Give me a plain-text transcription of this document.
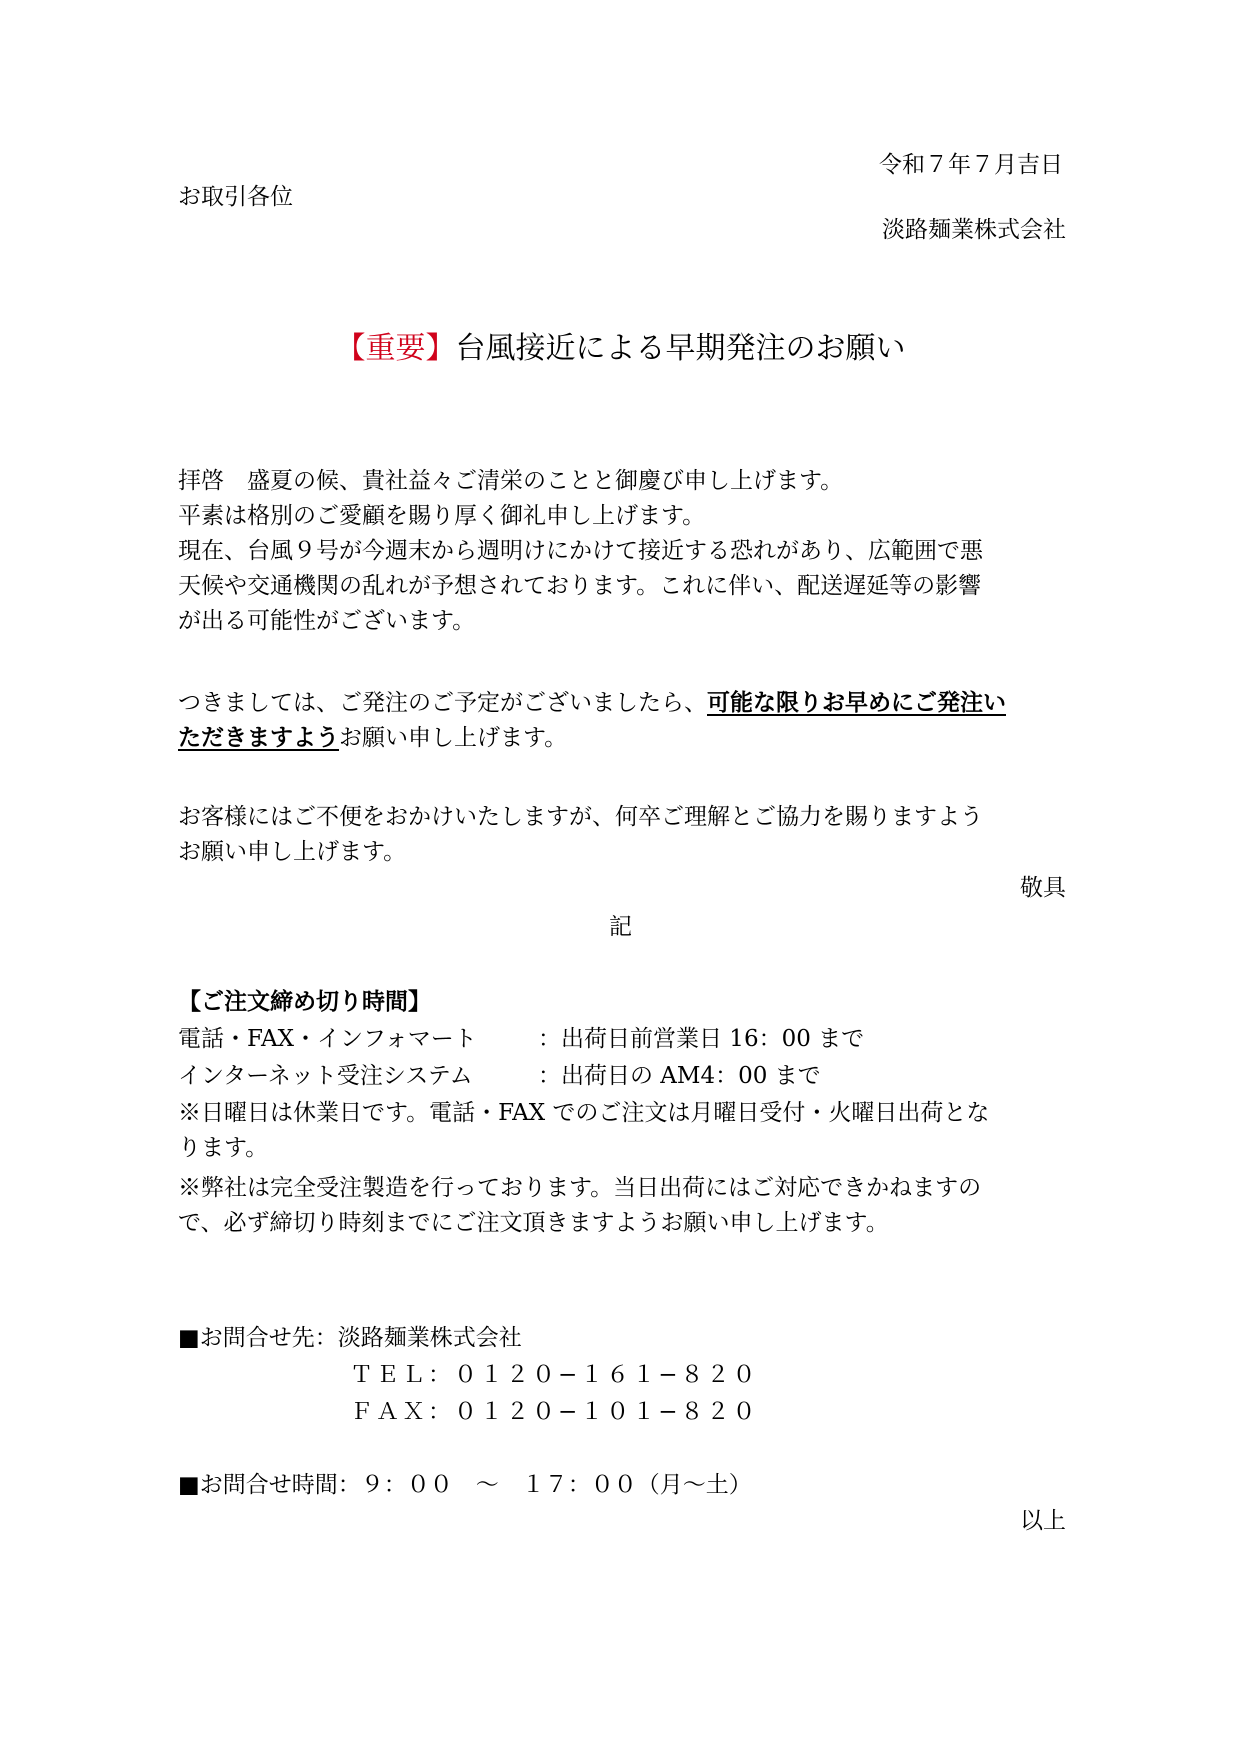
令和７年７月吉日
お取引各位
淡路麺業株式会社
【重要】台風接近による早期発注のお願い
拝啓　盛夏の候、貴社益々ご清栄のことと御慶び申し上げます。
平素は格別のご愛顧を賜り厚く御礼申し上げます。
現在、台風９号が今週末から週明けにかけて接近する恐れがあり、広範囲で悪
天候や交通機関の乱れが予想されております。これに伴い、配送遅延等の影響
が出る可能性がございます。
つきましては、ご発注のご予定がございましたら、可能な限りお早めにご発注い
ただきますようお願い申し上げます。
お客様にはご不便をおかけいたしますが、何卒ご理解とご協力を賜りますよう
お願い申し上げます。
敬具
記
【ご注文締め切り時間】
電話・FAX・インフォマート	：出荷日前営業日 16：00 まで
インターネット受注システム	：出荷日の AM4：00 まで
※日曜日は休業日です。電話・FAX でのご注文は月曜日受付・火曜日出荷とな
ります。
※弊社は完全受注製造を行っております。当日出荷にはご対応できかねますの
で、必ず締切り時刻までにご注文頂きますようお願い申し上げます。
■お問合せ先：淡路麺業株式会社
ＴＥＬ：０１２０−１６１−８２０
ＦＡＸ：０１２０−１０１−８２０
■お問合せ時間：９：００　～　１７：００（月～土）
以上
